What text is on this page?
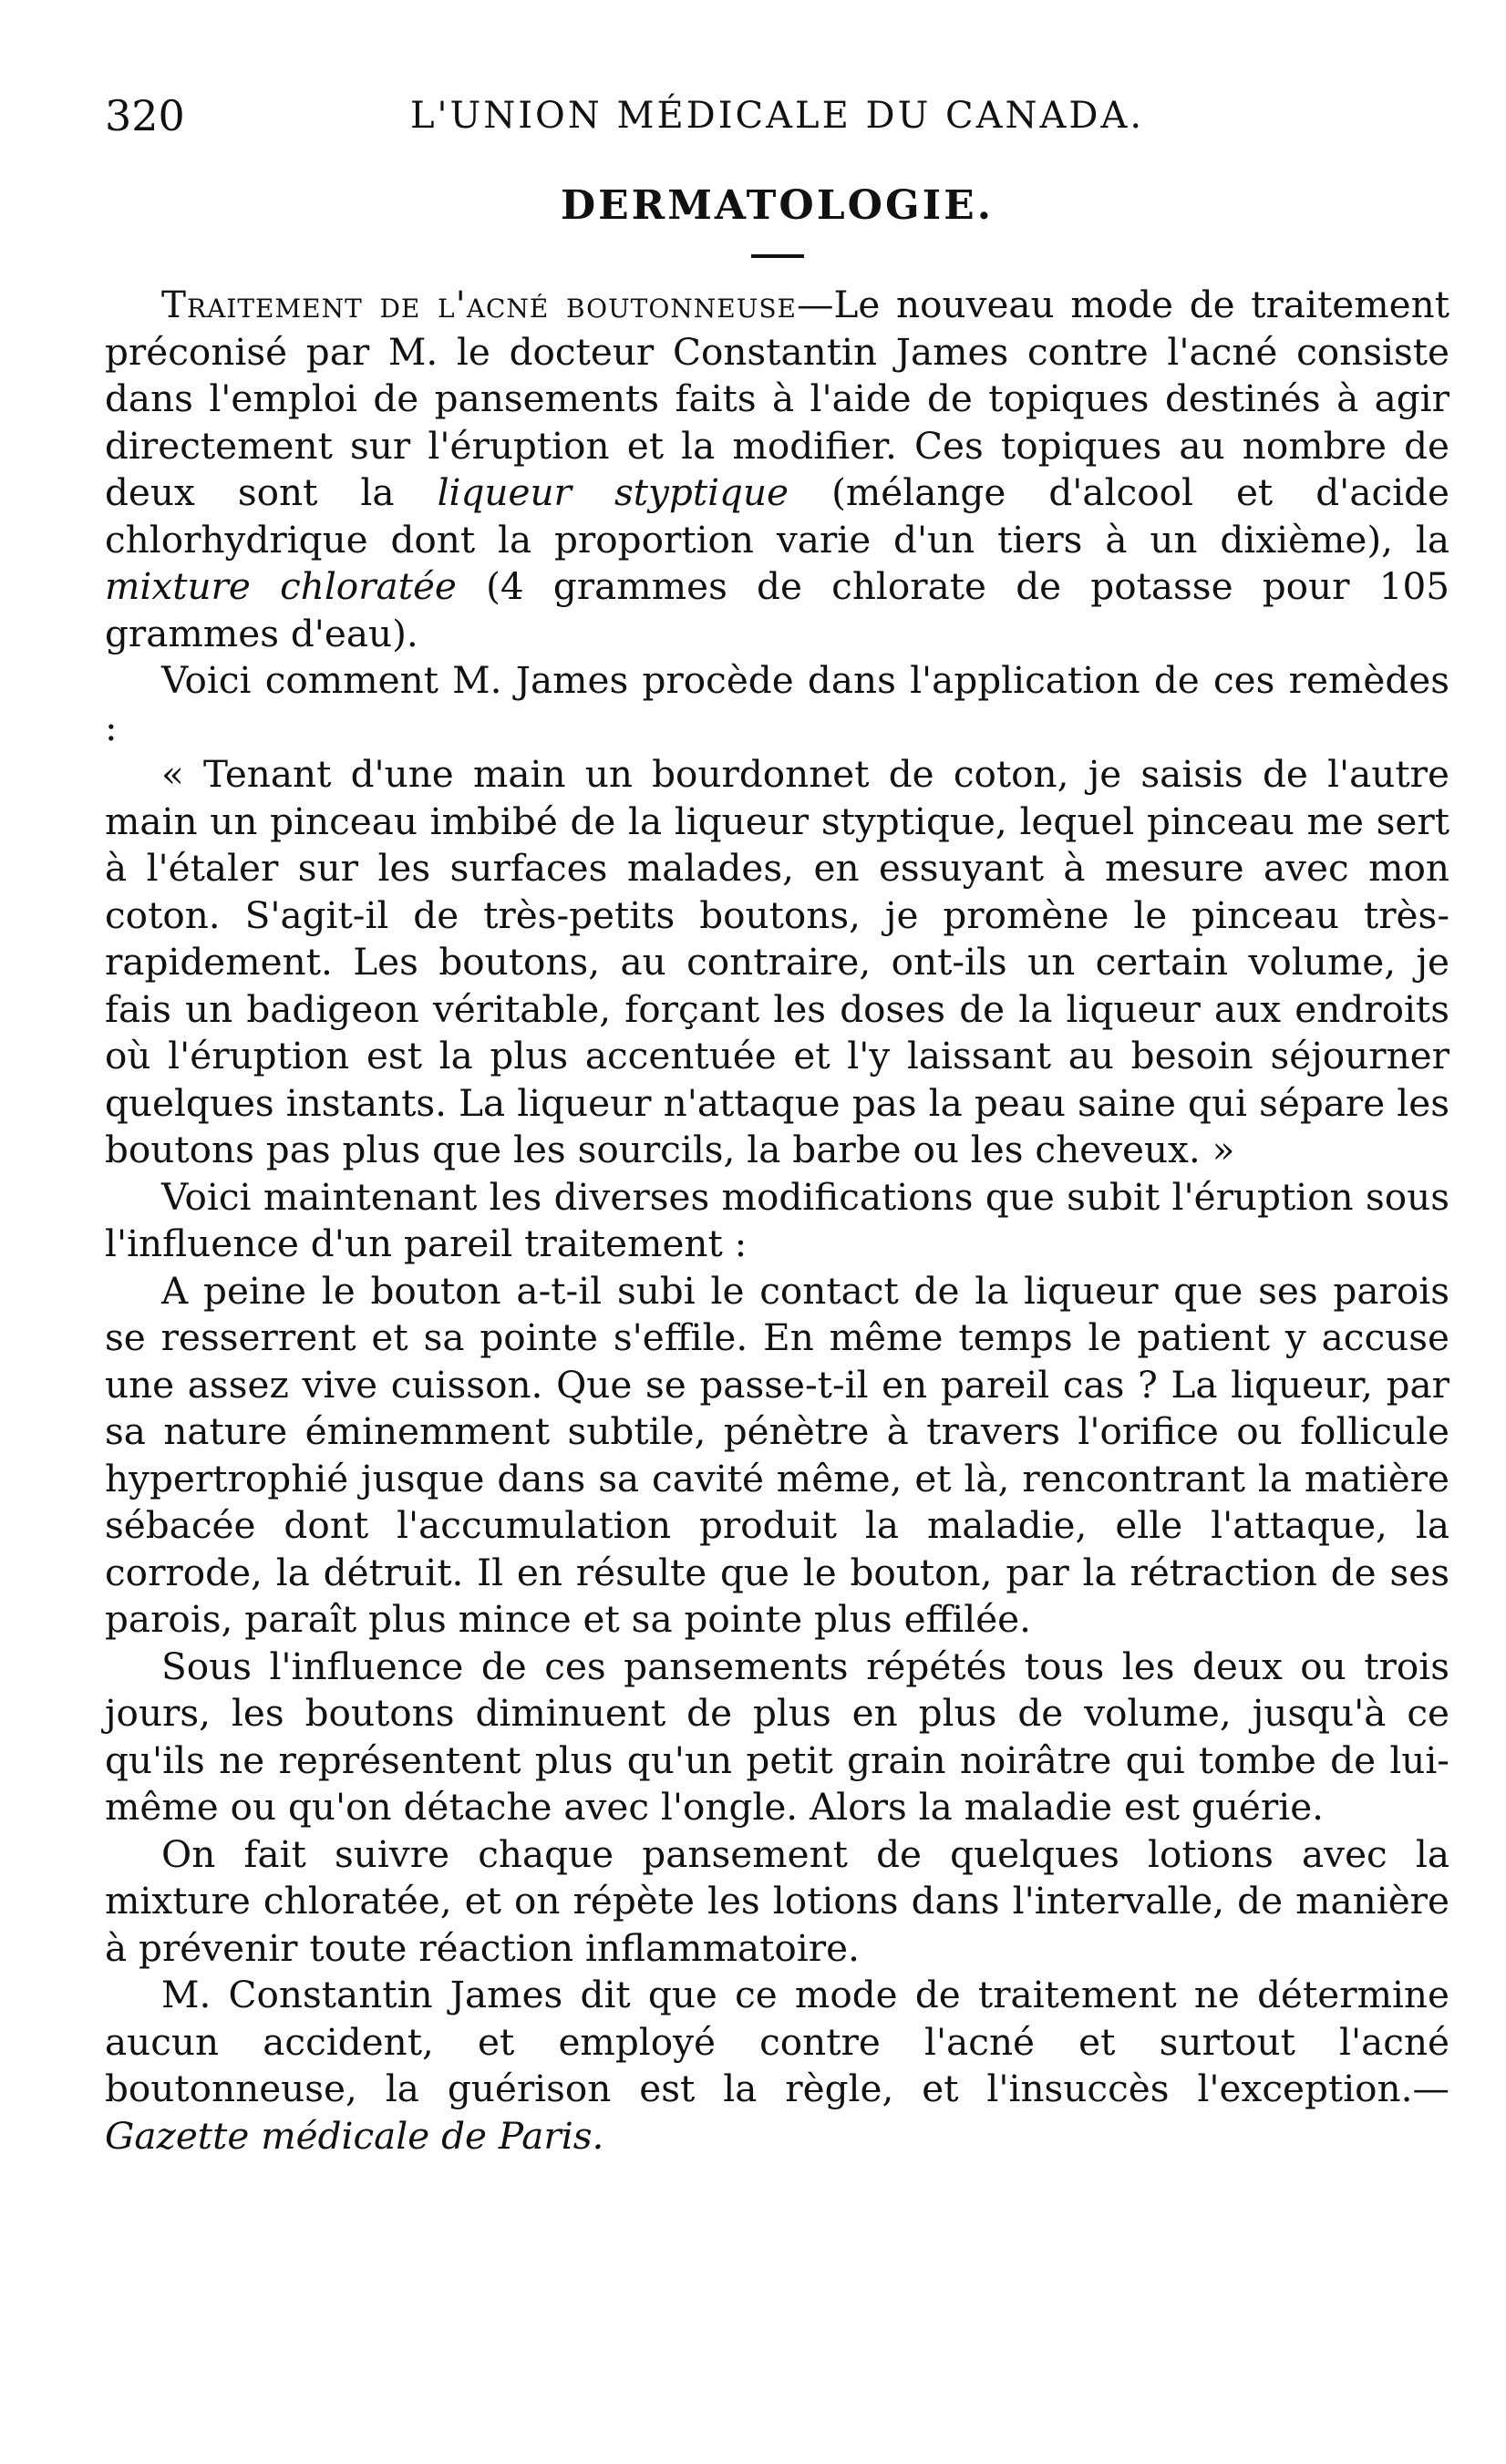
320	L'UNION MÉDICALE DU CANADA.
DERMATOLOGIE.

Traitement de l'acné boutonneuse—Le nouveau mode de traitement préconisé par M. le docteur Constantin James contre l'acné consiste dans l'emploi de pansements faits à l'aide de topiques destinés à agir directement sur l'éruption et la modifier. Ces topiques au nombre de deux sont la liqueur styptique (mélange d'alcool et d'acide chlorhydrique dont la proportion varie d'un tiers à un dixième), la mixture chloratée (4 grammes de chlorate de potasse pour 105 grammes d'eau).

Voici comment M. James procède dans l'application de ces remèdes :

« Tenant d'une main un bourdonnet de coton, je saisis de l'autre main un pinceau imbibé de la liqueur styptique, lequel pinceau me sert à l'étaler sur les surfaces malades, en essuyant à mesure avec mon coton. S'agit-il de très-petits boutons, je promène le pinceau très-rapidement. Les boutons, au contraire, ont-ils un certain volume, je fais un badigeon véritable, forçant les doses de la liqueur aux endroits où l'éruption est la plus accentuée et l'y laissant au besoin séjourner quelques instants. La liqueur n'attaque pas la peau saine qui sépare les boutons pas plus que les sourcils, la barbe ou les cheveux. »

Voici maintenant les diverses modifications que subit l'éruption sous l'influence d'un pareil traitement :

A peine le bouton a-t-il subi le contact de la liqueur que ses parois se resserrent et sa pointe s'effile. En même temps le patient y accuse une assez vive cuisson. Que se passe-t-il en pareil cas ? La liqueur, par sa nature éminemment subtile, pénètre à travers l'orifice ou follicule hypertrophié jusque dans sa cavité même, et là, rencontrant la matière sébacée dont l'accumulation produit la maladie, elle l'attaque, la corrode, la détruit. Il en résulte que le bouton, par la rétraction de ses parois, paraît plus mince et sa pointe plus effilée.

Sous l'influence de ces pansements répétés tous les deux ou trois jours, les boutons diminuent de plus en plus de volume, jusqu'à ce qu'ils ne représentent plus qu'un petit grain noirâtre qui tombe de lui-même ou qu'on détache avec l'ongle. Alors la maladie est guérie.

On fait suivre chaque pansement de quelques lotions avec la mixture chloratée, et on répète les lotions dans l'intervalle, de manière à prévenir toute réaction inflammatoire.

M. Constantin James dit que ce mode de traitement ne détermine aucun accident, et employé contre l'acné et surtout l'acné boutonneuse, la guérison est la règle, et l'insuccès l'exception.—Gazette médicale de Paris.
